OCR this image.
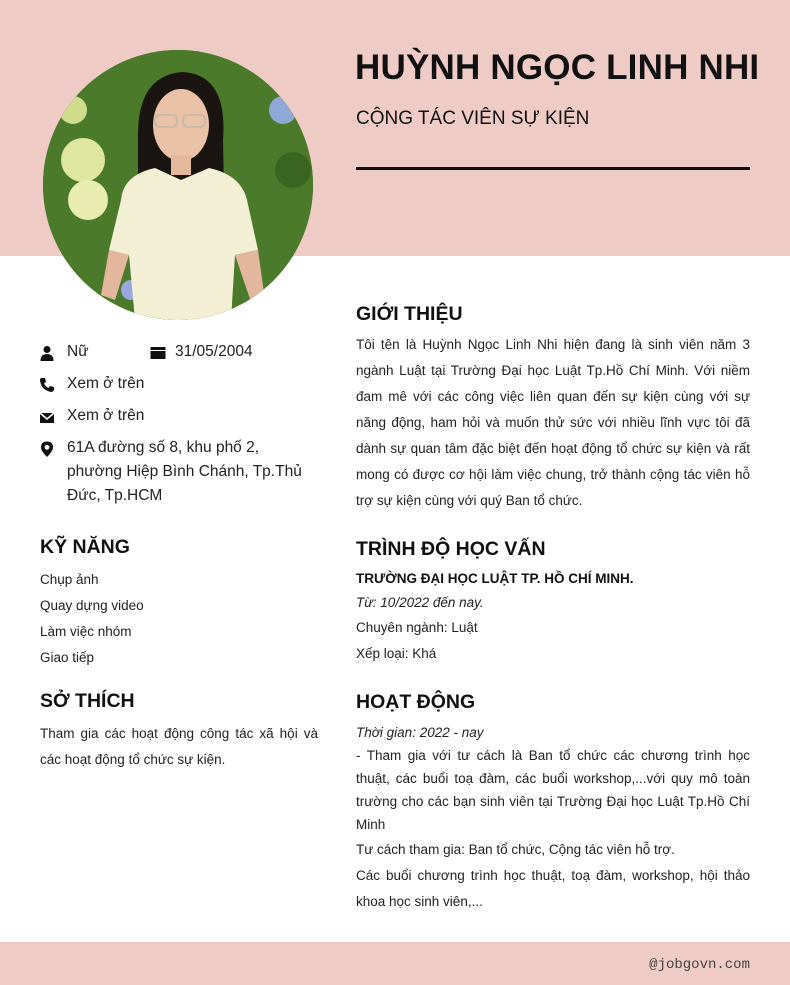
HUỲNH NGỌC LINH NHI
CỘNG TÁC VIÊN SỰ KIỆN
Nữ	31/05/2004
Xem ở trên
Xem ở trên
61A đường số 8, khu phố 2, phường Hiệp Bình Chánh, Tp.Thủ Đức, Tp.HCM
KỸ NĂNG
Chụp ảnh
Quay dựng video
Làm việc nhóm
Giao tiếp
SỞ THÍCH
Tham gia các hoạt động công tác xã hội và các hoạt động tổ chức sự kiện.
GIỚI THIỆU
Tôi tên là Huỳnh Ngọc Linh Nhi hiện đang là sinh viên năm 3 ngành Luật tại Trường Đại học Luật Tp.Hồ Chí Minh. Với niềm đam mê với các công việc liên quan đến sự kiện cùng với sự năng động, ham hỏi và muốn thử sức với nhiều lĩnh vực tôi đã dành sự quan tâm đặc biệt đến hoạt động tổ chức sự kiện và rất mong có được cơ hội làm việc chung, trở thành cộng tác viên hỗ trợ sự kiện cùng với quý Ban tổ chức.
TRÌNH ĐỘ HỌC VẤN
TRƯỜNG ĐẠI HỌC LUẬT TP. HỒ CHÍ MINH.
Từ: 10/2022 đến nay.
Chuyên ngành: Luật
Xếp loại: Khá
HOẠT ĐỘNG
Thời gian: 2022 - nay
- Tham gia với tư cách là Ban tổ chức các chương trình học thuật, các buổi toạ đàm, các buổi workshop,...với quy mô toàn trường cho các bạn sinh viên tại Trường Đại học Luật Tp.Hồ Chí Minh
Tư cách tham gia: Ban tổ chức, Cộng tác viên hỗ trợ.
Các buổi chương trình học thuật, toạ đàm, workshop, hội thảo khoa học sinh viên,...
@jobgovn.com
